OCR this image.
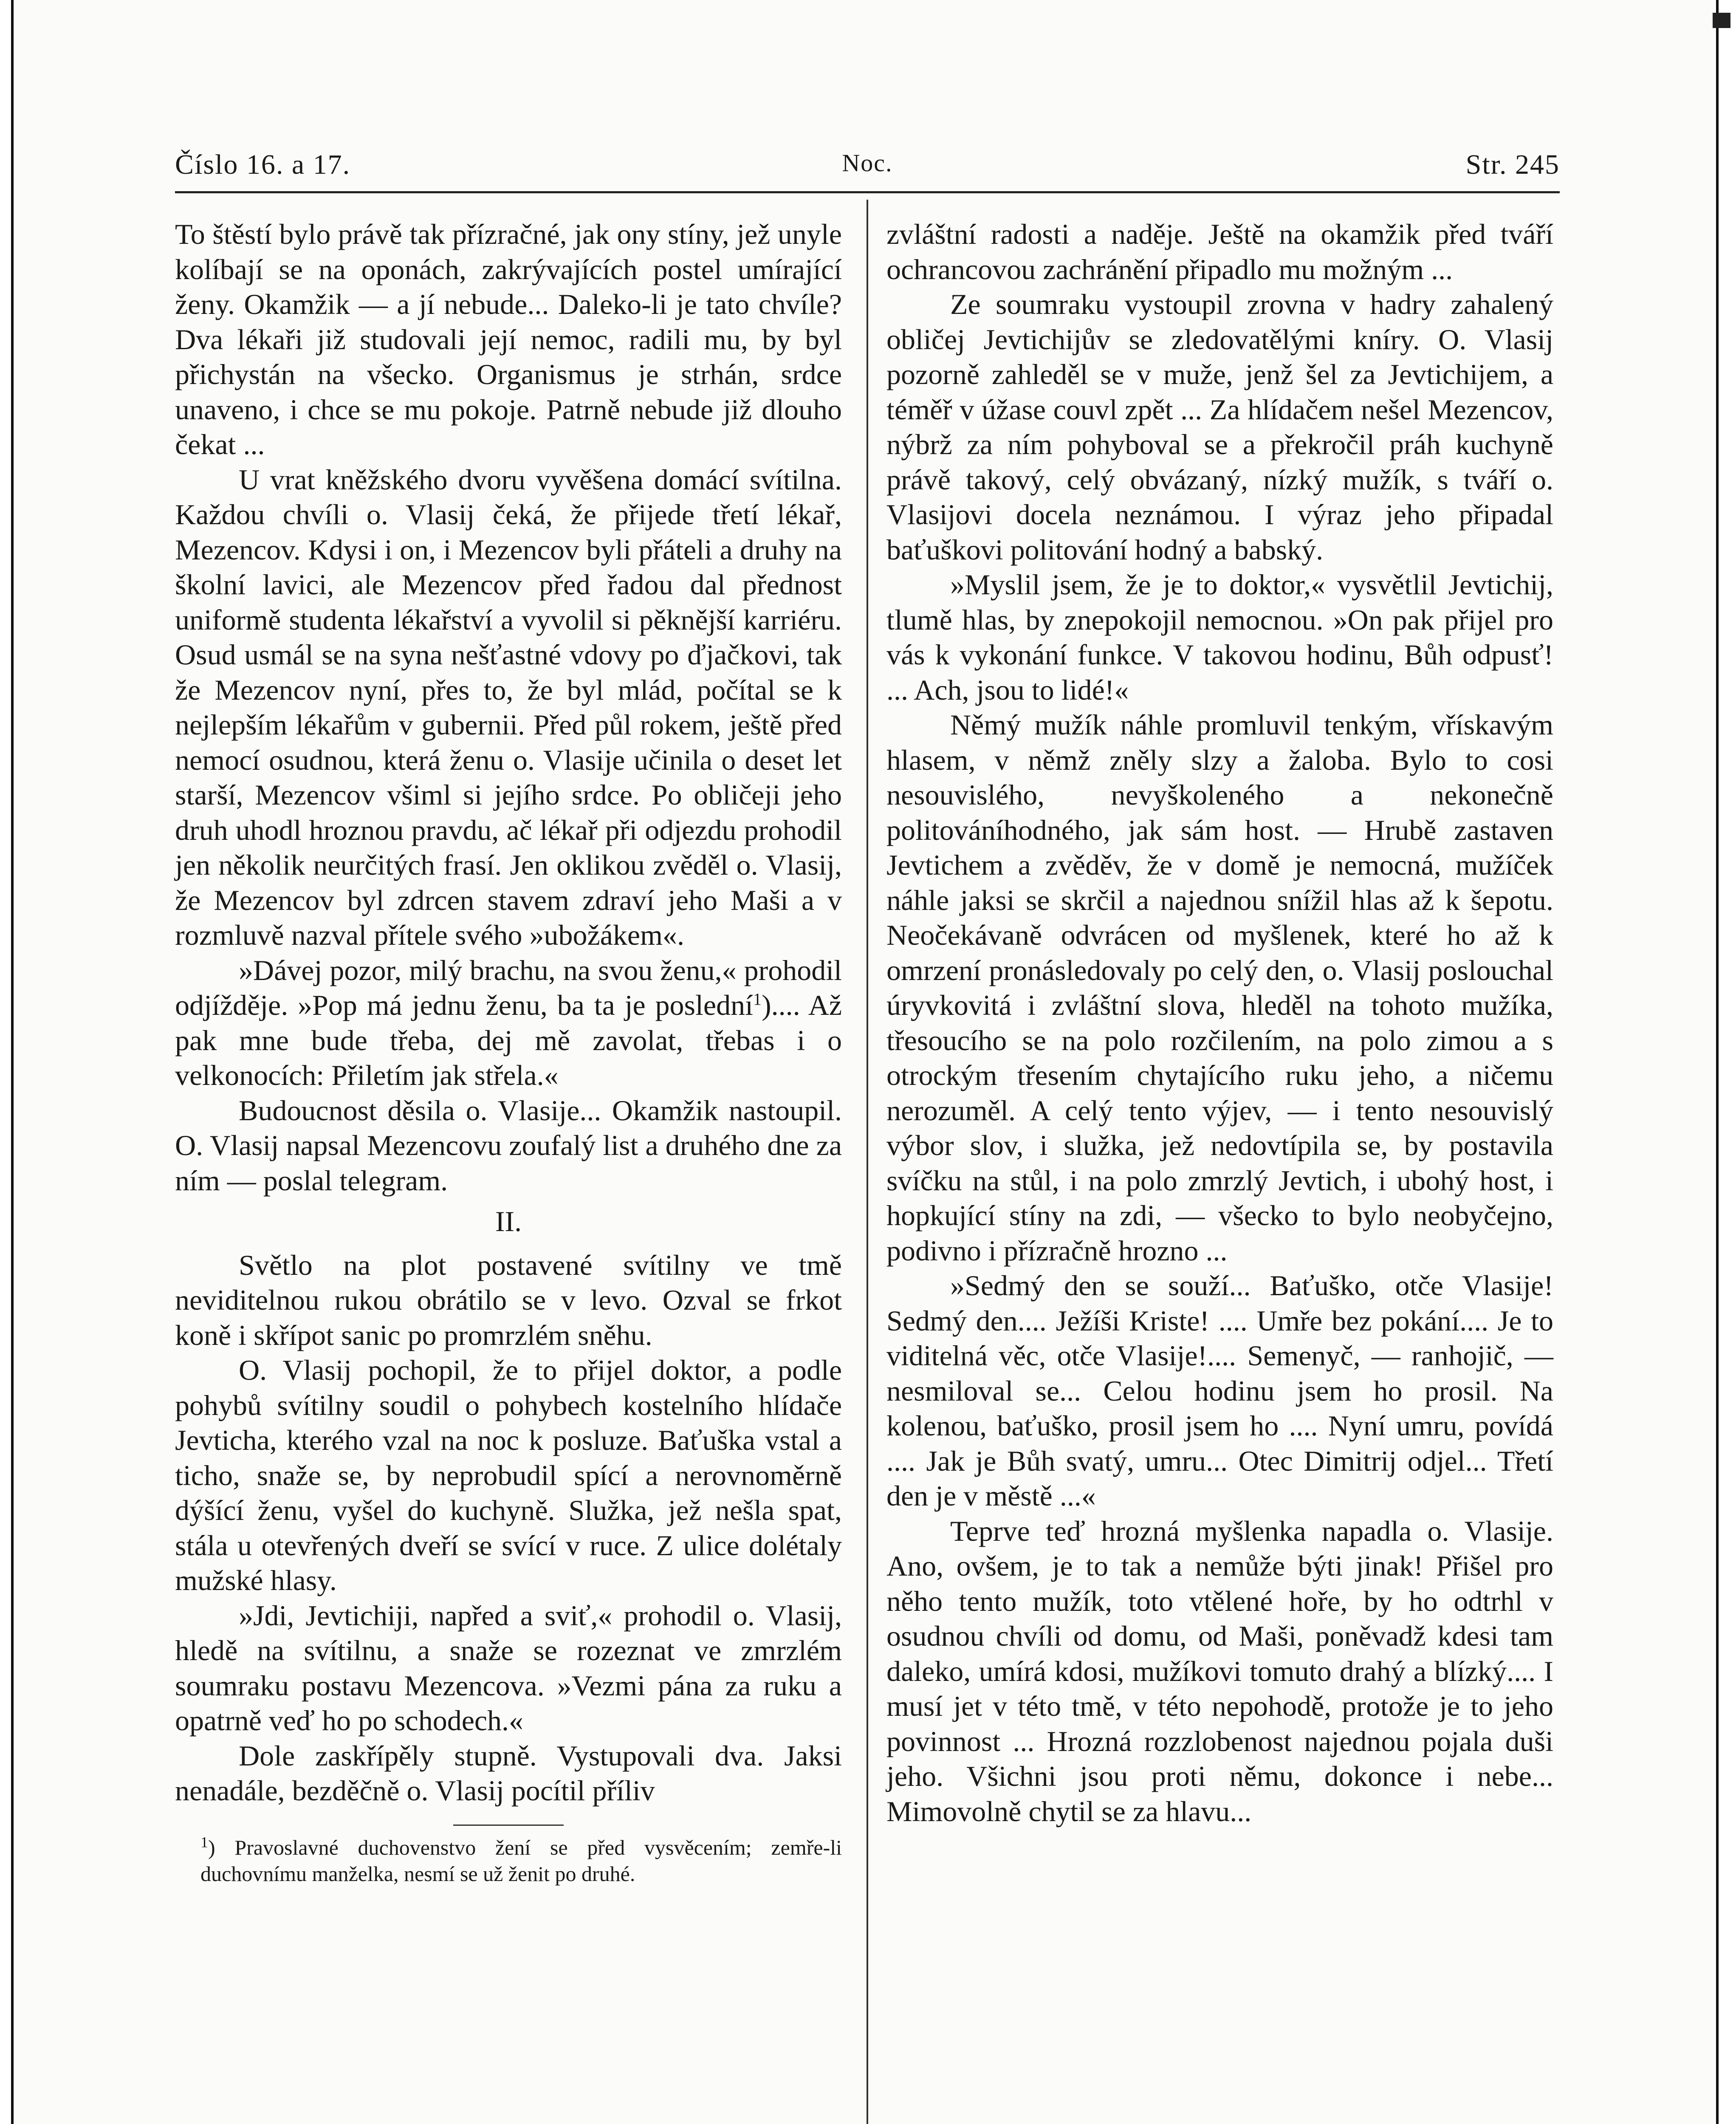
Číslo 16. a 17.	Noc.	Str. 245

To štěstí bylo právě tak přízračné, jak ony stíny, jež unyle kolíbají se na oponách, zakrývajících postel umírající ženy. Okamžik — a jí nebude... Daleko-li je tato chvíle? Dva lékaři již studovali její nemoc, radili mu, by byl přichystán na všecko. Organismus je strhán, srdce unaveno, i chce se mu pokoje. Patrně nebude již dlouho čekat ...

U vrat kněžského dvoru vyvěšena domácí svítilna. Každou chvíli o. Vlasij čeká, že přijede třetí lékař, Mezencov. Kdysi i on, i Mezencov byli přáteli a druhy na školní lavici, ale Mezencov před řadou dal přednost uniformě studenta lékařství a vyvolil si pěknější karriéru. Osud usmál se na syna nešťastné vdovy po ďjačkovi, tak že Mezencov nyní, přes to, že byl mlád, počítal se k nejlepším lékařům v gubernii. Před půl rokem, ještě před nemocí osudnou, která ženu o. Vlasije učinila o deset let starší, Mezencov všiml si jejího srdce. Po obličeji jeho druh uhodl hroznou pravdu, ač lékař při odjezdu prohodil jen několik neurčitých frasí. Jen oklikou zvěděl o. Vlasij, že Mezencov byl zdrcen stavem zdraví jeho Maši a v rozmluvě nazval přítele svého »ubožákem«.

»Dávej pozor, milý brachu, na svou ženu,« prohodil odjížděje. »Pop má jednu ženu, ba ta je poslední$^1$).... Až pak mne bude třeba, dej mě zavolat, třebas i o velkonocích: Přiletím jak střela.«

Budoucnost děsila o. Vlasije... Okamžik nastoupil. O. Vlasij napsal Mezencovu zoufalý list a druhého dne za ním — poslal telegram.

II.

Světlo na plot postavené svítilny ve tmě neviditelnou rukou obrátilo se v levo. Ozval se frkot koně i skřípot sanic po promrzlém sněhu.

O. Vlasij pochopil, že to přijel doktor, a podle pohybů svítilny soudil o pohybech kostelního hlídače Jevticha, kterého vzal na noc k posluze. Baťuška vstal a ticho, snaže se, by neprobudil spící a nerovnoměrně dýšící ženu, vyšel do kuchyně. Služka, jež nešla spat, stála u otevřených dveří se svící v ruce. Z ulice dolétaly mužské hlasy.

»Jdi, Jevtichiji, napřed a sviť,« prohodil o. Vlasij, hledě na svítilnu, a snaže se rozeznat ve zmrzlém soumraku postavu Mezencova. »Vezmi pána za ruku a opatrně veď ho po schodech.«

Dole zaskřípěly stupně. Vystupovali dva. Jaksi nenadále, bezděčně o. Vlasij pocítil příliv

$^1$) Pravoslavné duchovenstvo žení se před vysvěcením; zemře-li duchovnímu manželka, nesmí se už ženit po druhé.

zvláštní radosti a naděje. Ještě na okamžik před tváří ochrancovou zachránění připadlo mu možným ...

Ze soumraku vystoupil zrovna v hadry zahalený obličej Jevtichijův se zledovatělými kníry. O. Vlasij pozorně zahleděl se v muže, jenž šel za Jevtichijem, a téměř v úžase couvl zpět ... Za hlídačem nešel Mezencov, nýbrž za ním pohyboval se a překročil práh kuchyně právě takový, celý obvázaný, nízký mužík, s tváří o. Vlasijovi docela neznámou. I výraz jeho připadal baťuškovi politování hodný a babský.

»Myslil jsem, že je to doktor,« vysvětlil Jevtichij, tlumě hlas, by znepokojil nemocnou. »On pak přijel pro vás k vykonání funkce. V takovou hodinu, Bůh odpusť! ... Ach, jsou to lidé!«

Němý mužík náhle promluvil tenkým, vřískavým hlasem, v němž zněly slzy a žaloba. Bylo to cosi nesouvislého, nevyškoleného a nekonečně politováníhodného, jak sám host. — Hrubě zastaven Jevtichem a zvěděv, že v domě je nemocná, mužíček náhle jaksi se skrčil a najednou snížil hlas až k šepotu. Neočekávaně odvrácen od myšlenek, které ho až k omrzení pronásledovaly po celý den, o. Vlasij poslouchal úryvkovitá i zvláštní slova, hleděl na tohoto mužíka, třesoucího se na polo rozčilením, na polo zimou a s otrockým třesením chytajícího ruku jeho, a ničemu nerozuměl. A celý tento výjev, — i tento nesouvislý výbor slov, i služka, jež nedovtípila se, by postavila svíčku na stůl, i na polo zmrzlý Jevtich, i ubohý host, i hopkující stíny na zdi, — všecko to bylo neobyčejno, podivno i přízračně hrozno ...

»Sedmý den se souží... Baťuško, otče Vlasije! Sedmý den.... Ježíši Kriste! .... Umře bez pokání.... Je to viditelná věc, otče Vlasije!.... Semenyč, — ranhojič, — nesmiloval se... Celou hodinu jsem ho prosil. Na kolenou, baťuško, prosil jsem ho .... Nyní umru, povídá .... Jak je Bůh svatý, umru... Otec Dimitrij odjel... Třetí den je v městě ...«

Teprve teď hrozná myšlenka napadla o. Vlasije. Ano, ovšem, je to tak a nemůže býti jinak! Přišel pro něho tento mužík, toto vtělené hoře, by ho odtrhl v osudnou chvíli od domu, od Maši, poněvadž kdesi tam daleko, umírá kdosi, mužíkovi tomuto drahý a blízký.... I musí jet v této tmě, v této nepohodě, protože je to jeho povinnost ... Hrozná rozzlobenost najednou pojala duši jeho. Všichni jsou proti němu, dokonce i nebe... Mimovolně chytil se za hlavu...
